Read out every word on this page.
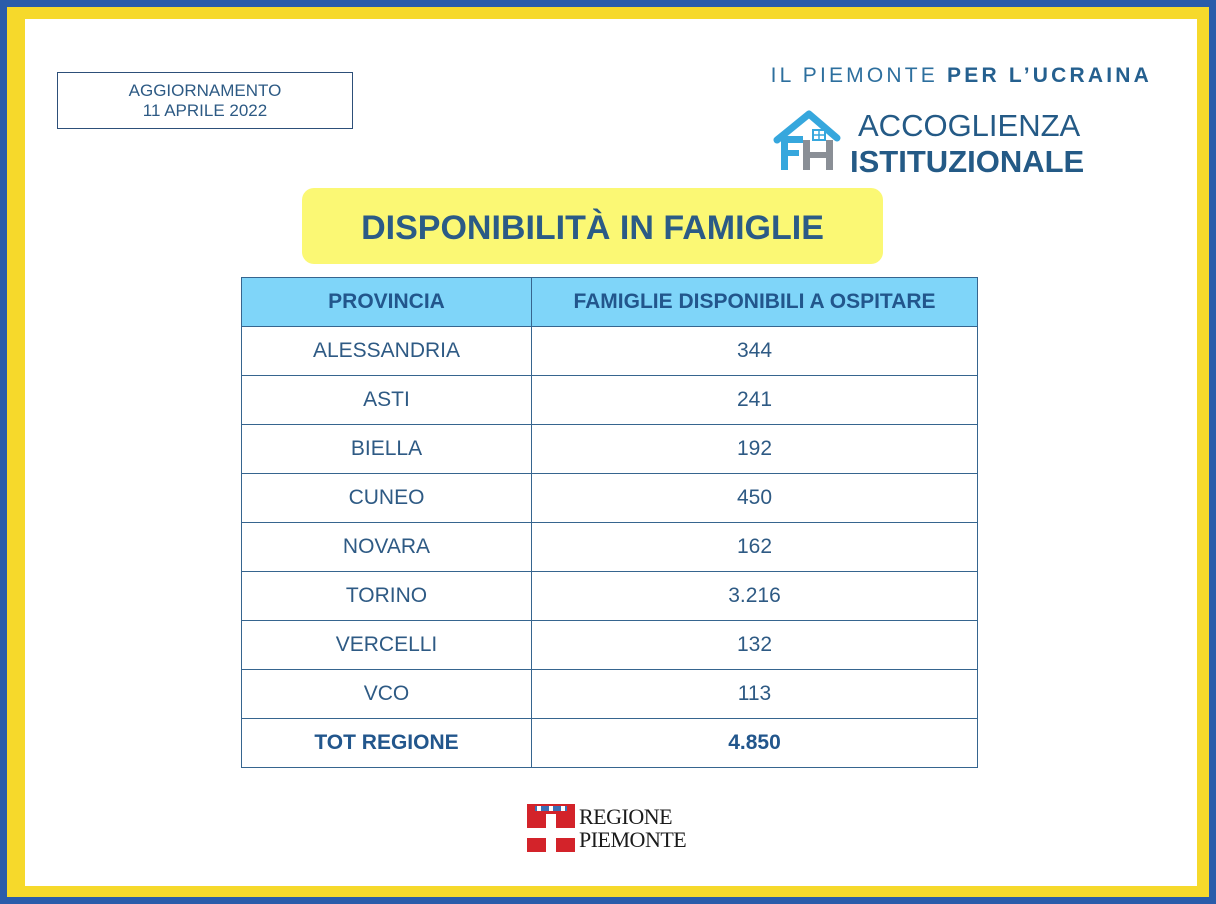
AGGIORNAMENTO
11 APRILE 2022
IL PIEMONTE PER L’UCRAINA
ACCOGLIENZA
ISTITUZIONALE
DISPONIBILITÀ IN FAMIGLIE
PROVINCIA	FAMIGLIE DISPONIBILI A OSPITARE
ALESSANDRIA	344
ASTI	241
BIELLA	192
CUNEO	450
NOVARA	162
TORINO	3.216
VERCELLI	132
VCO	113
TOT REGIONE	4.850
REGIONE
PIEMONTE
